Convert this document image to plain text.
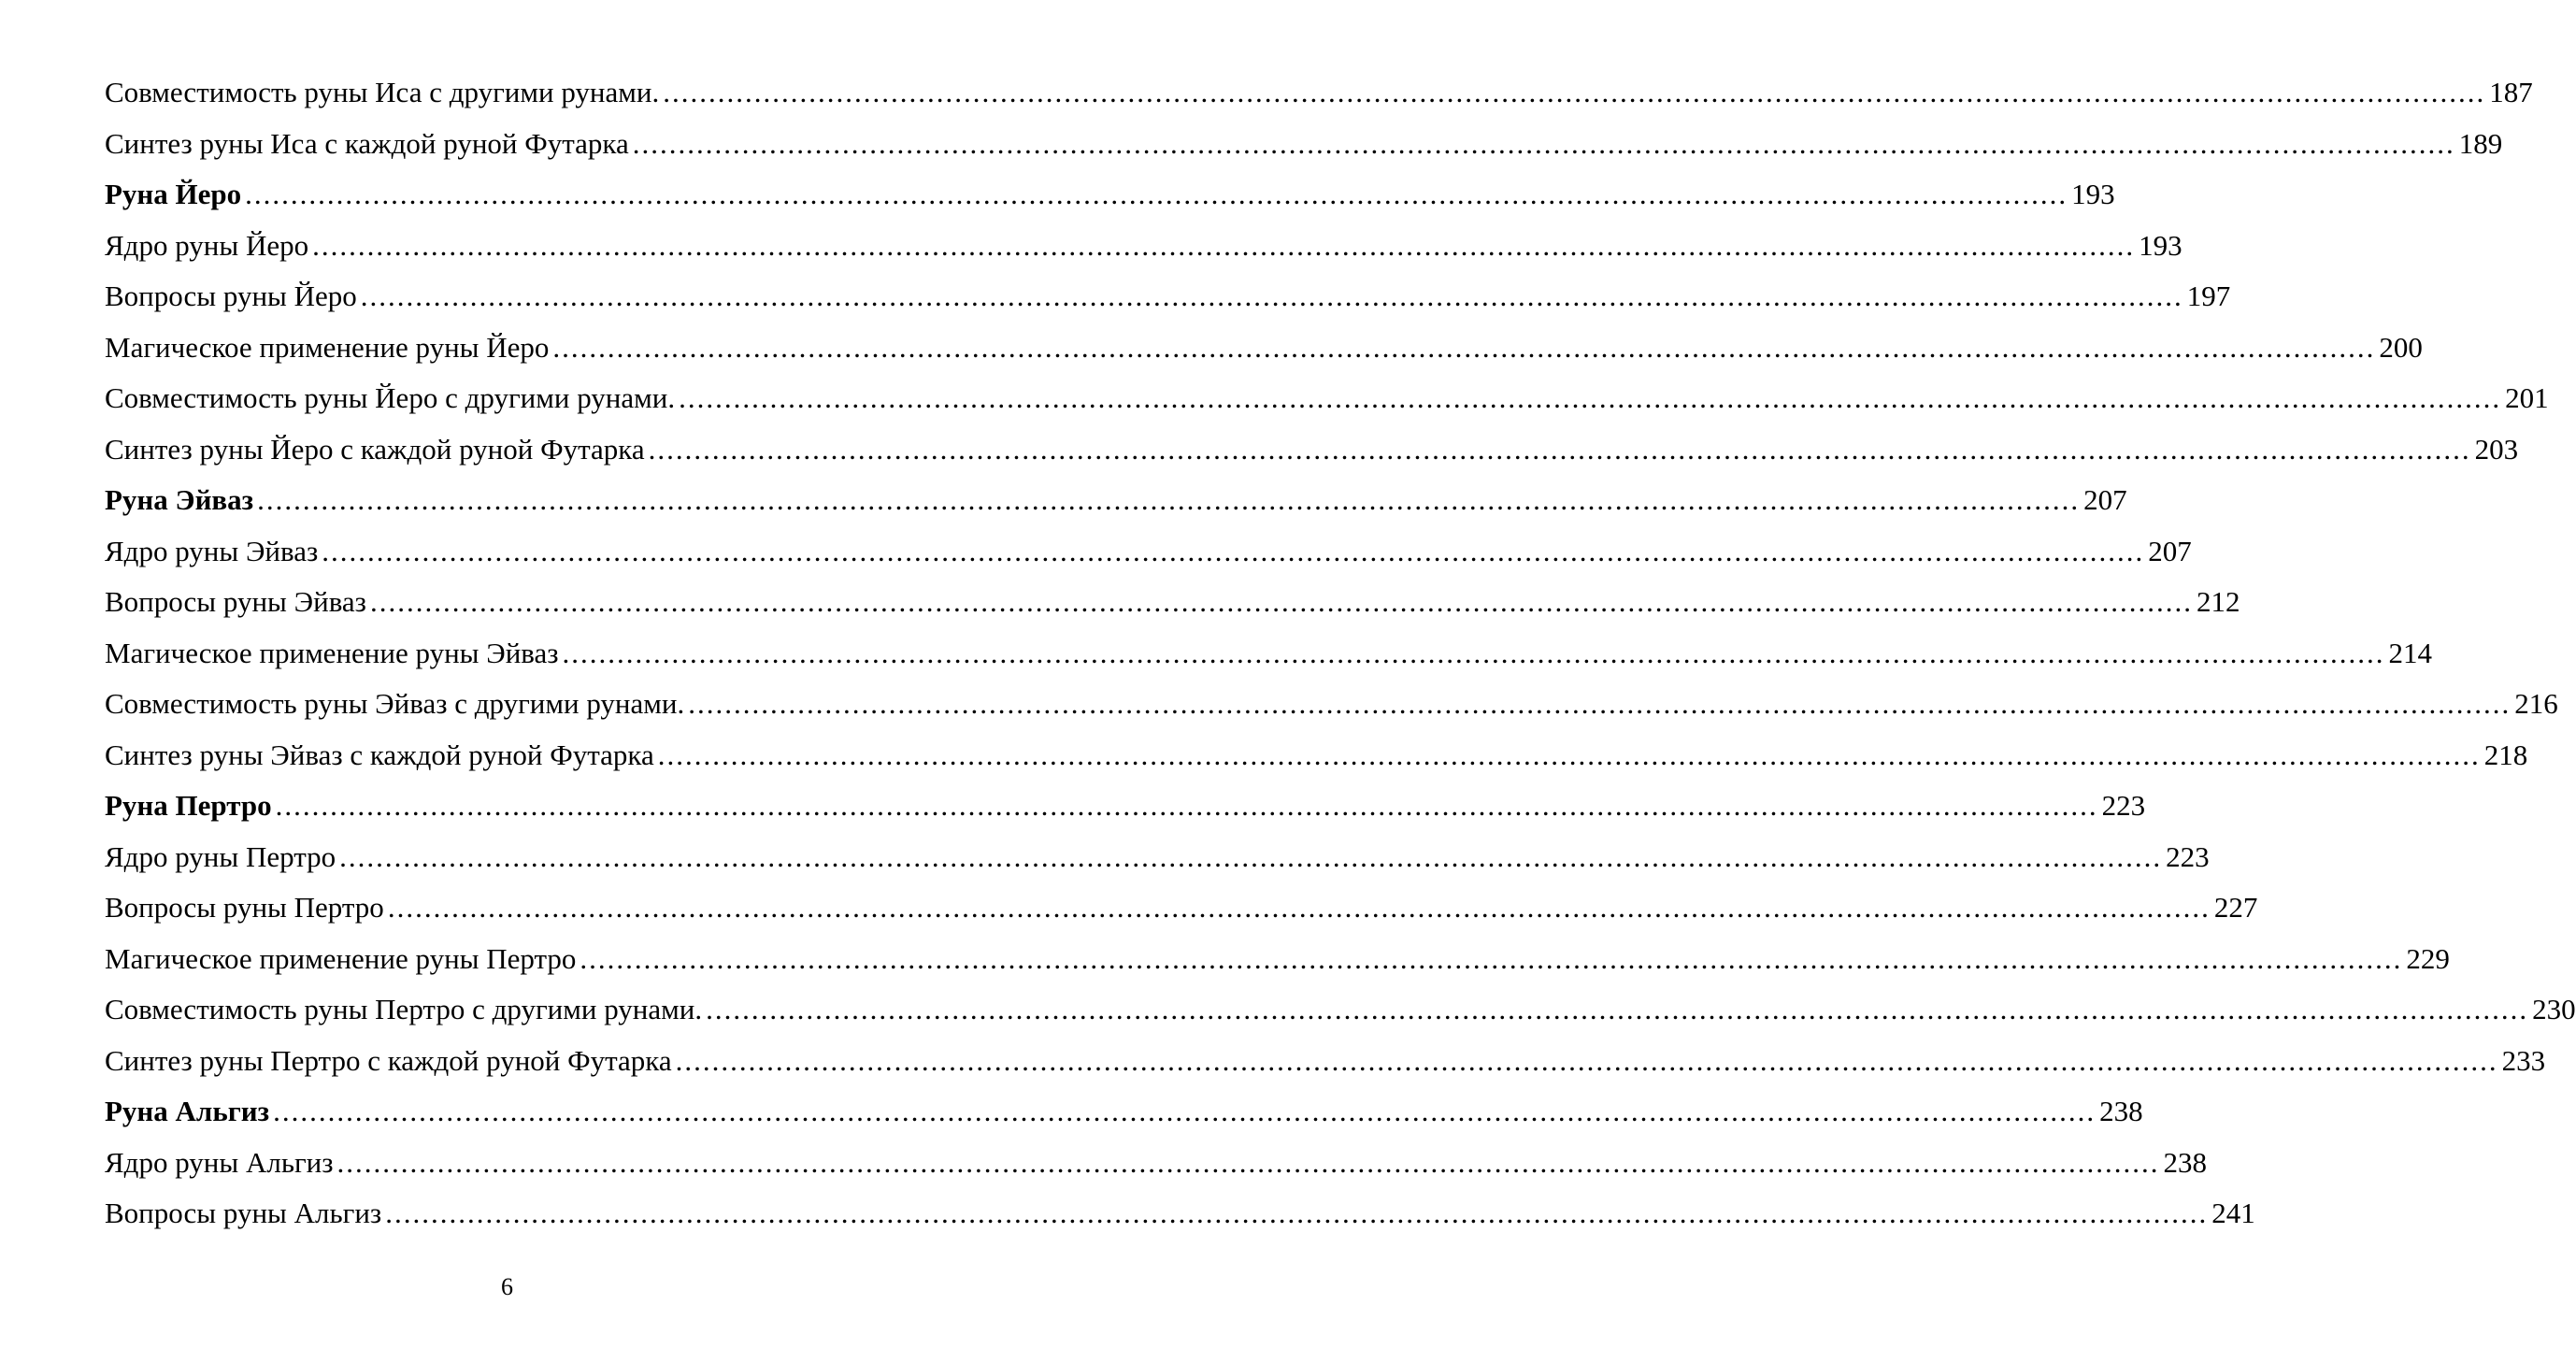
Совместимость руны Иса с другими рунами. ........................................................................................................................................................................................................ 187
Синтез руны Иса с каждой руной Футарка ........................................................................................................................................................................................................ 189
Руна Йеро ........................................................................................................................................................................................................ 193
Ядро руны Йеро ........................................................................................................................................................................................................ 193
Вопросы руны Йеро ........................................................................................................................................................................................................ 197
Магическое применение руны Йеро ........................................................................................................................................................................................................ 200
Совместимость руны Йеро с другими рунами. ........................................................................................................................................................................................................ 201
Синтез руны Йеро с каждой руной Футарка ........................................................................................................................................................................................................ 203
Руна Эйваз ........................................................................................................................................................................................................ 207
Ядро руны Эйваз ........................................................................................................................................................................................................ 207
Вопросы руны Эйваз ........................................................................................................................................................................................................ 212
Магическое применение руны Эйваз ........................................................................................................................................................................................................ 214
Совместимость руны Эйваз с другими рунами. ........................................................................................................................................................................................................ 216
Синтез руны Эйваз с каждой руной Футарка ........................................................................................................................................................................................................ 218
Руна Пертро ........................................................................................................................................................................................................ 223
Ядро руны Пертро ........................................................................................................................................................................................................ 223
Вопросы руны Пертро ........................................................................................................................................................................................................ 227
Магическое применение руны Пертро ........................................................................................................................................................................................................ 229
Совместимость руны Пертро с другими рунами. ........................................................................................................................................................................................................ 230
Синтез руны Пертро с каждой руной Футарка ........................................................................................................................................................................................................ 233
Руна Альгиз ........................................................................................................................................................................................................ 238
Ядро руны Альгиз ........................................................................................................................................................................................................ 238
Вопросы руны Альгиз ........................................................................................................................................................................................................ 241
6
